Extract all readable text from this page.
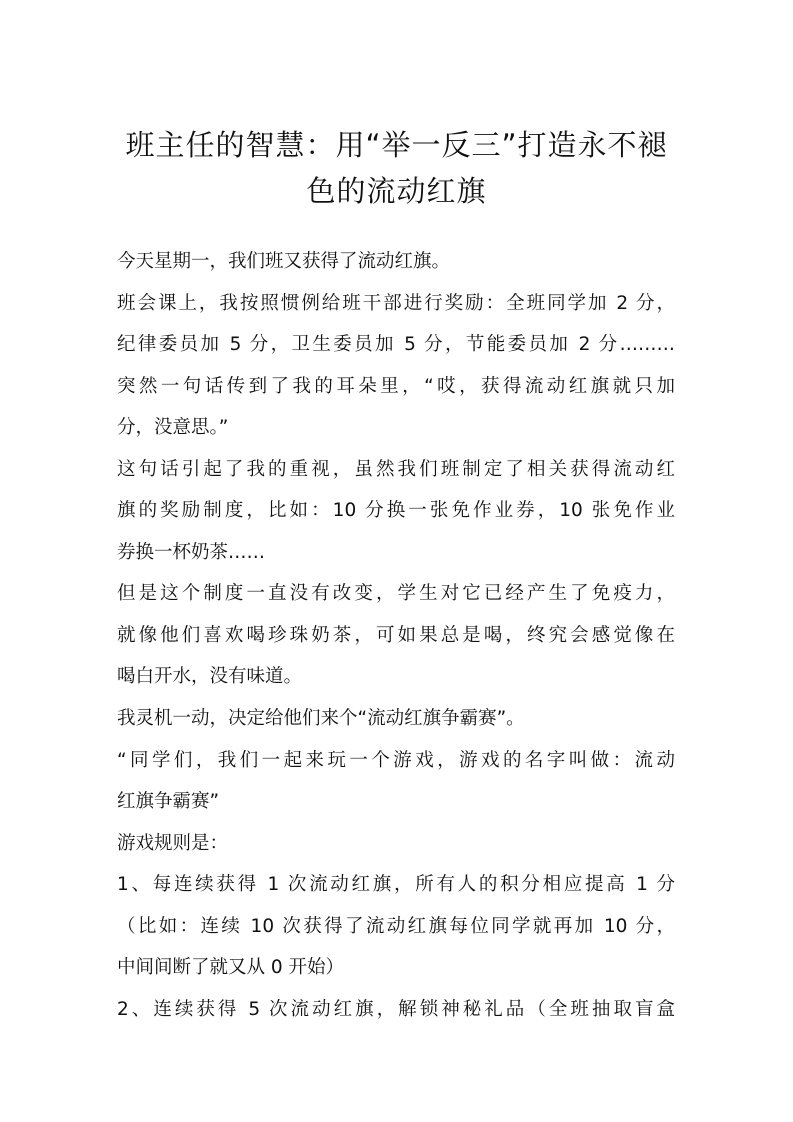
班主任的智慧：用“举一反三”打造永不褪
色的流动红旗
今天星期一，我们班又获得了流动红旗。
班会课上，我按照惯例给班干部进行奖励：全班同学加 2 分，
纪律委员加 5 分，卫生委员加 5 分，节能委员加 2 分………
突然一句话传到了我的耳朵里，“哎，获得流动红旗就只加
分，没意思。”
这句话引起了我的重视，虽然我们班制定了相关获得流动红
旗的奖励制度，比如：10 分换一张免作业券，10 张免作业
券换一杯奶茶……
但是这个制度一直没有改变，学生对它已经产生了免疫力，
就像他们喜欢喝珍珠奶茶，可如果总是喝，终究会感觉像在
喝白开水，没有味道。
我灵机一动，决定给他们来个“流动红旗争霸赛”。
“同学们，我们一起来玩一个游戏，游戏的名字叫做：流动
红旗争霸赛”
游戏规则是：
1、每连续获得 1 次流动红旗，所有人的积分相应提高 1 分
（比如：连续 10 次获得了流动红旗每位同学就再加 10 分，
中间间断了就又从 0 开始）
2、连续获得 5 次流动红旗，解锁神秘礼品（全班抽取盲盒
